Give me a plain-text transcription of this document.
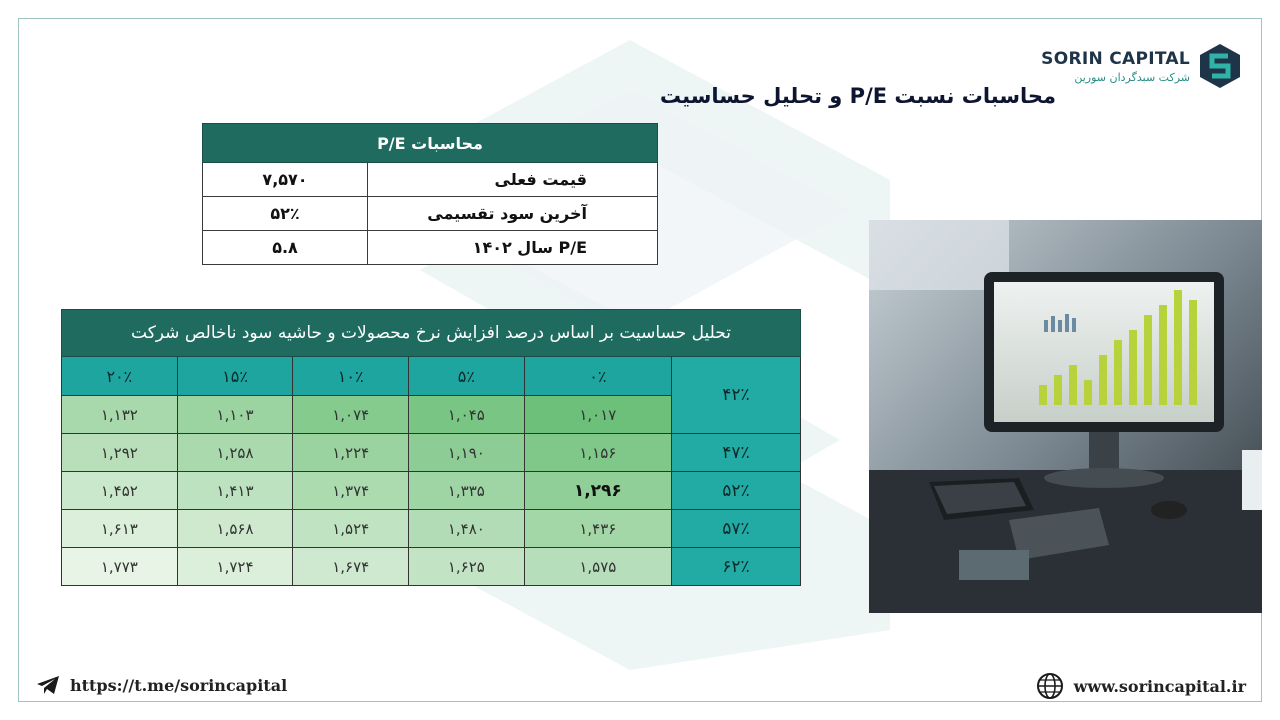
SORIN CAPITAL
شرکت سبدگردان سورین
محاسبات نسبت P/E و تحلیل حساسیت
محاسبات P/E	
قیمت فعلی	۷,۵۷۰
آخرین سود تقسیمی	۵۲٪
P/E سال ۱۴۰۲	۵.۸
تحلیل حساسیت بر اساس درصد افزایش نرخ محصولات و حاشیه سود ناخالص شرکت					
۴۲٪	۰٪	۵٪	۱۰٪	۱۵٪	۲۰٪
	۱,۰۱۷	۱,۰۴۵	۱,۰۷۴	۱,۱۰۳	۱,۱۳۲
۴۷٪	۱,۱۵۶	۱,۱۹۰	۱,۲۲۴	۱,۲۵۸	۱,۲۹۲
۵۲٪	۱,۲۹۶	۱,۳۳۵	۱,۳۷۴	۱,۴۱۳	۱,۴۵۲
۵۷٪	۱,۴۳۶	۱,۴۸۰	۱,۵۲۴	۱,۵۶۸	۱,۶۱۳
۶۲٪	۱,۵۷۵	۱,۶۲۵	۱,۶۷۴	۱,۷۲۴	۱,۷۷۳
https://t.me/sorincapital	www.sorincapital.ir
